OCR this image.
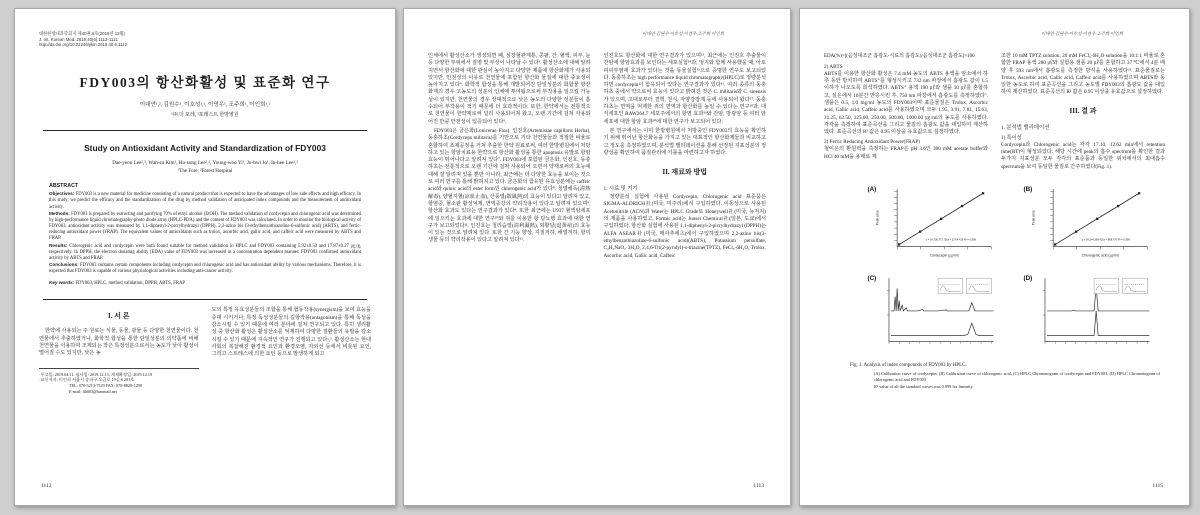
대한한방내과학회지 제40권 6호(2019년 12월)
J. Int. Korean Med. 2019;40(6):1112-1121
http://dx.doi.org/10.22246/jikm.2019.40.6.1112
FDY003의 항산화활성 및 표준화 연구
이대연¹,², 김원수¹, 이호성¹,², 이영우¹, 조주희¹, 이인희¹,²
¹㈜ 더 포레, ²포레스트 한방병원
Study on Antioxidant Activity and Standardization of FDY003
Dae-yeon Lee¹,², Wan-su Kim¹, Ho-sung Lee¹,², Young-woo Yi¹, Ju-hwi Jo¹, In-hee Lee¹,²
¹The Fore, ²Forest Hospital
ABSTRACT

Objectives: FDY003 is a new material for medicine consisting of a natural product that is expected to have the advantages of low side effects and high efficacy. In this study, we predict the efficacy and the standardization of the drug by method validation of anticipated index compounds and the measurement of antioxidant activity.

Methods: FDY003 is prepared by extracting and purifying 70% of ethyl alcohol (EtOH). The method validation of cordycepin and chlorogenic acid was determined by high-performance liquid chromatography-photo diode array (HPLC-PDA) and the content of FDY003 was calculated. In order to monitor the biological activity of FDY003, antioxidant activity was measured by 1,1-diphenyl-2-picrylhydrazyl (DPPH), 2,2-azino bis (3-ethylbenzothiazoline-6-sulfonic acid) (ABTS), and ferric-reducing antioxidant power (FRAP). The equivalent values of antioxidants such as trolox, ascorbic acid, gallic acid, and caffeic acid were measured by ABTS and FRAP.

Results: Chlorogenic acid and cordycepin were both found suitable for method validation in HPLC and FDY003 containing 5.92±0.50 and 17.87±0.27 ㎍/g, respectively. In DPPH, the electron donating ability (EDA) value of FDY003 was increased in a concentration dependent manner. FDY003 confirmed antioxidant activity by ABTS and FRAP.

Conclusions: FDY003 contains certain components including cordycepin and chlorogenic acid and has antioxidant ability by various mechanisms. Therefore, it is expected that FDY003 is capable of various physiological activities including anti-cancer activity.

Key words: FDY003, HPLC, method validation, DPPH, ABTS, FRAP

I. 서 론

한약에 사용되는 주 원료는 식물, 동물, 광물 등 다양한 천연물이다. 천연물에서 추출하였거나, 화학적 합성을 통한 단일성분의 의약품에 비해 천연물을 이용하여 조제되는 작은 특정성분으로서는 농도가 낮아 활성이 떨어질 수도 있지만, 낮은 농

·투고일: 2019.04.11, 심사일: 2019.12.13, 게재확정일: 2019.12.19
·교신저자: 이인희 서울시 송파구 오금로 19길 6 201호
TEL: 070-5213-7529 FAX: 070-8829-1299
E-mail: lih003@hanmail.net

도의 특정 유효성분들의 조합을 통해 협동작용(synergism)을 보여 효능을 증대 시키거나, 특정 독성성분들의 길항작용(antagonism)을 통해 독성을 감소시킬 수 있기 때문에 여러 분야에 걸쳐 연구되고 있다. 특히 생리활성 중 항산화 활성은 활성산소를 억제하여 다양한 질환들의 유발을 감소시킬 수 있기 때문에 지속적인 연구가 진행되고 있다¹,². 활성산소는 현대사회의 복잡해진 환경적 요인과 환경오염, 자외선 등에서 비롯된 요인, 그리고 스트레스에 의한 요인 등으로 발생하게 되고

1112
이대연·김원수·이호성·이영우·조주희·이인희

인체에서 활성산소가 생성되면 폐, 심장혈관계통, 콩팥, 간, 혈액, 피부, 눈 등 다양한 부위에서 질병 및 부상이 나타날 수 있다³. 활성산소에 대해 알려지면서 항산화에 대한 관심이 높아지고 다양한 제품에 항산화제가 사용되었지만, 안전성의 이유로 천연물에 포함된 항산화 물질에 대한 중요성이 높아지고 있다⁴. 화학적 합성을 통해 개발되어진 단일성분의 화합물 항산화제의 경우 고농도의 성분이 인체에 투여됨으로써 부작용을 일으킬 가능성이 있지만, 천연물의 경우 상대적으로 낮은 농도의 다양한 성분들이 흡수되어 부작용이 적기 때문에 더 효과적이다. 또한, 한약에서는 전통적으로 천연물이 한약재로써 널리 사용되어져 왔고, 오랜 기간에 걸쳐 사용되어진 만큼 안전성이 입증되어 있다⁵.

FDY003은 금은화(Lonicerae Flos), 인진호(Artemisiae capillaris Herba), 동충하초(Cordyceps militaris)를 기반으로 기타 천연물들과 적절한 비율로 혼합하여 조제공정을 거쳐 추출한 한약 원료로써, 여러 한방병원에서 처방하고 있는 항암치료용 한약으로 항산화 활성을 통한 apoptosis 유발로 항암 효능이 뛰어나다고 알려져 있다⁷. FDY003에 포함된 금은화, 인진호, 동충하초는 전통적으로 오랜 기간에 걸쳐 사용되어 오면서 약재로써의 효능에 대해 잘 알려져 있을 뿐만 아니라, 최근에는 더 다양한 효능을 보이는 것으로 여러 연구를 통해 밝혀지고 있다. 금은화의 함유된 유효성분에는 caffeic acid와 quinic acid의 ester form인 chlorogenic acid가 있다⁸. 청열해독(淸熱解毒), 양혈지혈(凉血止血), 산풍열(散風熱)의 효능이 있다고 알려져 있고, 항염증, 혈소판 활성억제, 면역증강의 약리작용이 있다고 알려져 있으며⁹, 항산화 효과도 있다는 연구결과가 있다⁸. 또한 최근에는 U937 혈액암세포에 일으키는 효과에 대한 연구¹⁰와 쥐를 이용한 항 당뇨병 효과에 대한 연구가 보고되었다¹¹. 인진호는 청리습열(淸利濕熱), 퇴황달(退黃疸)의 효능이 있는 것으로 알려져 있다. 또한 간 기능 향상, 지질저하, 해열저하, 항미생물 등의 약리작용이 있다고 알려져 있다¹².

인진호도 항산화에 대한 연구결과가 있으며¹³, 최근에는 인진호 추출물이 간암에 항암효과를 보인다는 세포실험¹⁴과, 엉지와 함께 사용했을 때, 아토피피부염에 효과가 있다는 것을 동물실험¹⁵으로 증명한 연구도 보고되었다. 동충하초는 high performance liquid chromatography(HPLC)로 정량분석하면 cordycepin이 함유되어 있다는 연구결과가 있다¹⁶. 여러 종류의 동충하초 중에서 약으로써 효능이 있다고 밝혀진 것은 C. militaris와 C. sinensis가 있으며, 고대로부터 결핵, 천식, 자양강장제 등에 사용되어 왔다¹⁷. 동충하초는 면역을 억제한 쥐의 면역과 항산화를 높일 수 있다는 연구¹⁸과, 대식세포인 RAW264.7 세포주에서의 항염 효과¹⁹와 간암, 방광암 등 여러 암세포에 대한 항암 효과²⁰에 대한 연구가 보고되어 있다.

본 연구에서는 이미 한방병원에서 처방중인 FDY003의 효능을 확인하기 위해 뛰어난 항산화능을 가지고 있는 대표적인 항산화제들과 비교하고 그 정도를 측정하였으며, 분석법 밸리데이션을 통해 선정된 지표성분의 정량성을 확인하여 품질관리에 기틀을 마련하고자 하였다.

II. 재료와 방법
1. 시료 및 기기

정량분석 실험에 사용된 Cordycepin, Chlorogenic acid 표준품은 SIGMA-ALDRICH社(미국, 미주리)에서 구입하였다. 이동상으로 사용된 Acetonitrile (ACN)과 Water는 HPLC Grade로 Honeywell社(미국, 뉴저지)의 제품을 사용하였고, Formic acid는 Junsei Chemical社(일본, 도쿄)에서 구입하였다. 항산화 실험에 사용된 1,1-diphenyl-2-picrylhydrazyl (DPPH)는 ALFA ASEAR社(미국, 매사추세츠)에서 구입하였으며 2,2-azino bis(3-ethylbenzothiazoline-6-sulfonic acid)(ABTS), Potassium persulfate, C₂H₃NaO₂·3H₂O, 2,4,6-Tri(2-pyridyl)-s-triazine(TPTZ), FeCl₃·6H₂O, Trolox, Ascorbic acid, Gallic acid, Caffeic

1113
이대연·김원수·이호성·이영우·조주희·이인희
EDA(%)=[(음성대조군 흡광도-시료의 흡광도)/음성대조군 흡광도]×100
2) ABTS

ABTS를 이용한 항산화 활성은 7.4 mM 농도의 ABTS 용액을 암소에서 하루 동안 방치하여 ABTS⁺를 형성시키고 732 nm 파장에서 흡광도 값이 1.5 이하가 나오도록 희석하였다. ABTS⁺ 용액 190 ㎕와 샘플 10 ㎕를 혼합하고, 실온에서 10분간 반응시킨 후, 750 nm 파장에서 흡광도를 측정하였다⁷. 샘플은 0.5, 1.0 mg/ml 농도의 FDY003이며 표준물질은 Trolox, Ascorbic acid, Gallic acid, Caffeic acid를 사용하였으며 모두 1.95, 3.91, 7.81, 15.63, 31.25, 62.50, 125.00, 250.00, 500.00, 1000.00 ㎍/ml의 농도를 사용하였다. 각각을 측정하여 표준곡선을 그리고 물질의 흡광도 값을 대입하여 계산하였다. 표준곡선의 R² 값은 0.95 이상을 유효값으로 설정하였다.

3) Ferric Reducing Antioxidant Power(FRAP)

철이온의 환원력을 측정하는 FRAP은 pH 3.6인 300 mM acetate buffer와 HCl 40 mM을 용매로 제

조한 10 mM TPTZ solution, 20 mM FeCl₃·6H₂O solution을 10:1:1 비율로 혼합한 FRAP 용액 280 ㎕와 실험용 샘플 20 ㎕를 혼합하고 37 ℃에서 4분 배양 후 593 nm에서 흡광도를 측정한 방식을 사용하였다²². 표준물질로는 Trolox, Ascorbic acid, Gallic acid, Caffeic acid를 사용하였으며 ABTS와 동일한 농도로 하여 표준곡선을 그리고 농도별 FDY003의 흡광도 값을 대입하여 계산하였다. 표준곡선의 R² 값은 0.95 이상을 유효값으로 설정하였다.

III. 결 과
1. 분석법 밸리데이션
1) 특이성

Cordycepin과 Chlorogenic acid는 각각 17.10, 12.62 min에서 retention time(RT)이 형성되었다. 해당 시간에 peak의 흡수 spectrum을 확인한 결과 두가지 지표성분 모두 각각의 표준품과 동일한 위치에서의 최대흡수 spectrum을 보여 동일한 물질로 간주하였다(Fig. 1).

(A)
y = 14,736,771.735x + 5,764.419 R² = 0.999
Cordycepin (㎍/ml)
Peak area
(B)
y = 54,244,399.425x + 868.776 R² = 0.999
Chlorogenic acid (㎍/ml)
Peak area
(C)	(D)
Fig. 1. Analysis of index compounds of FDY003 by HPLC.
(A) Calibration curve of cordycepin, (B) Calibration curve of chlorogenic acid, (C) HPLC Chromatogram of cordycepin and FDY003, (D) HPLC Chromatogram of chlorogenic acid and FDY003
R² value of all the standard curves was 0.999 for linearity.
1115
